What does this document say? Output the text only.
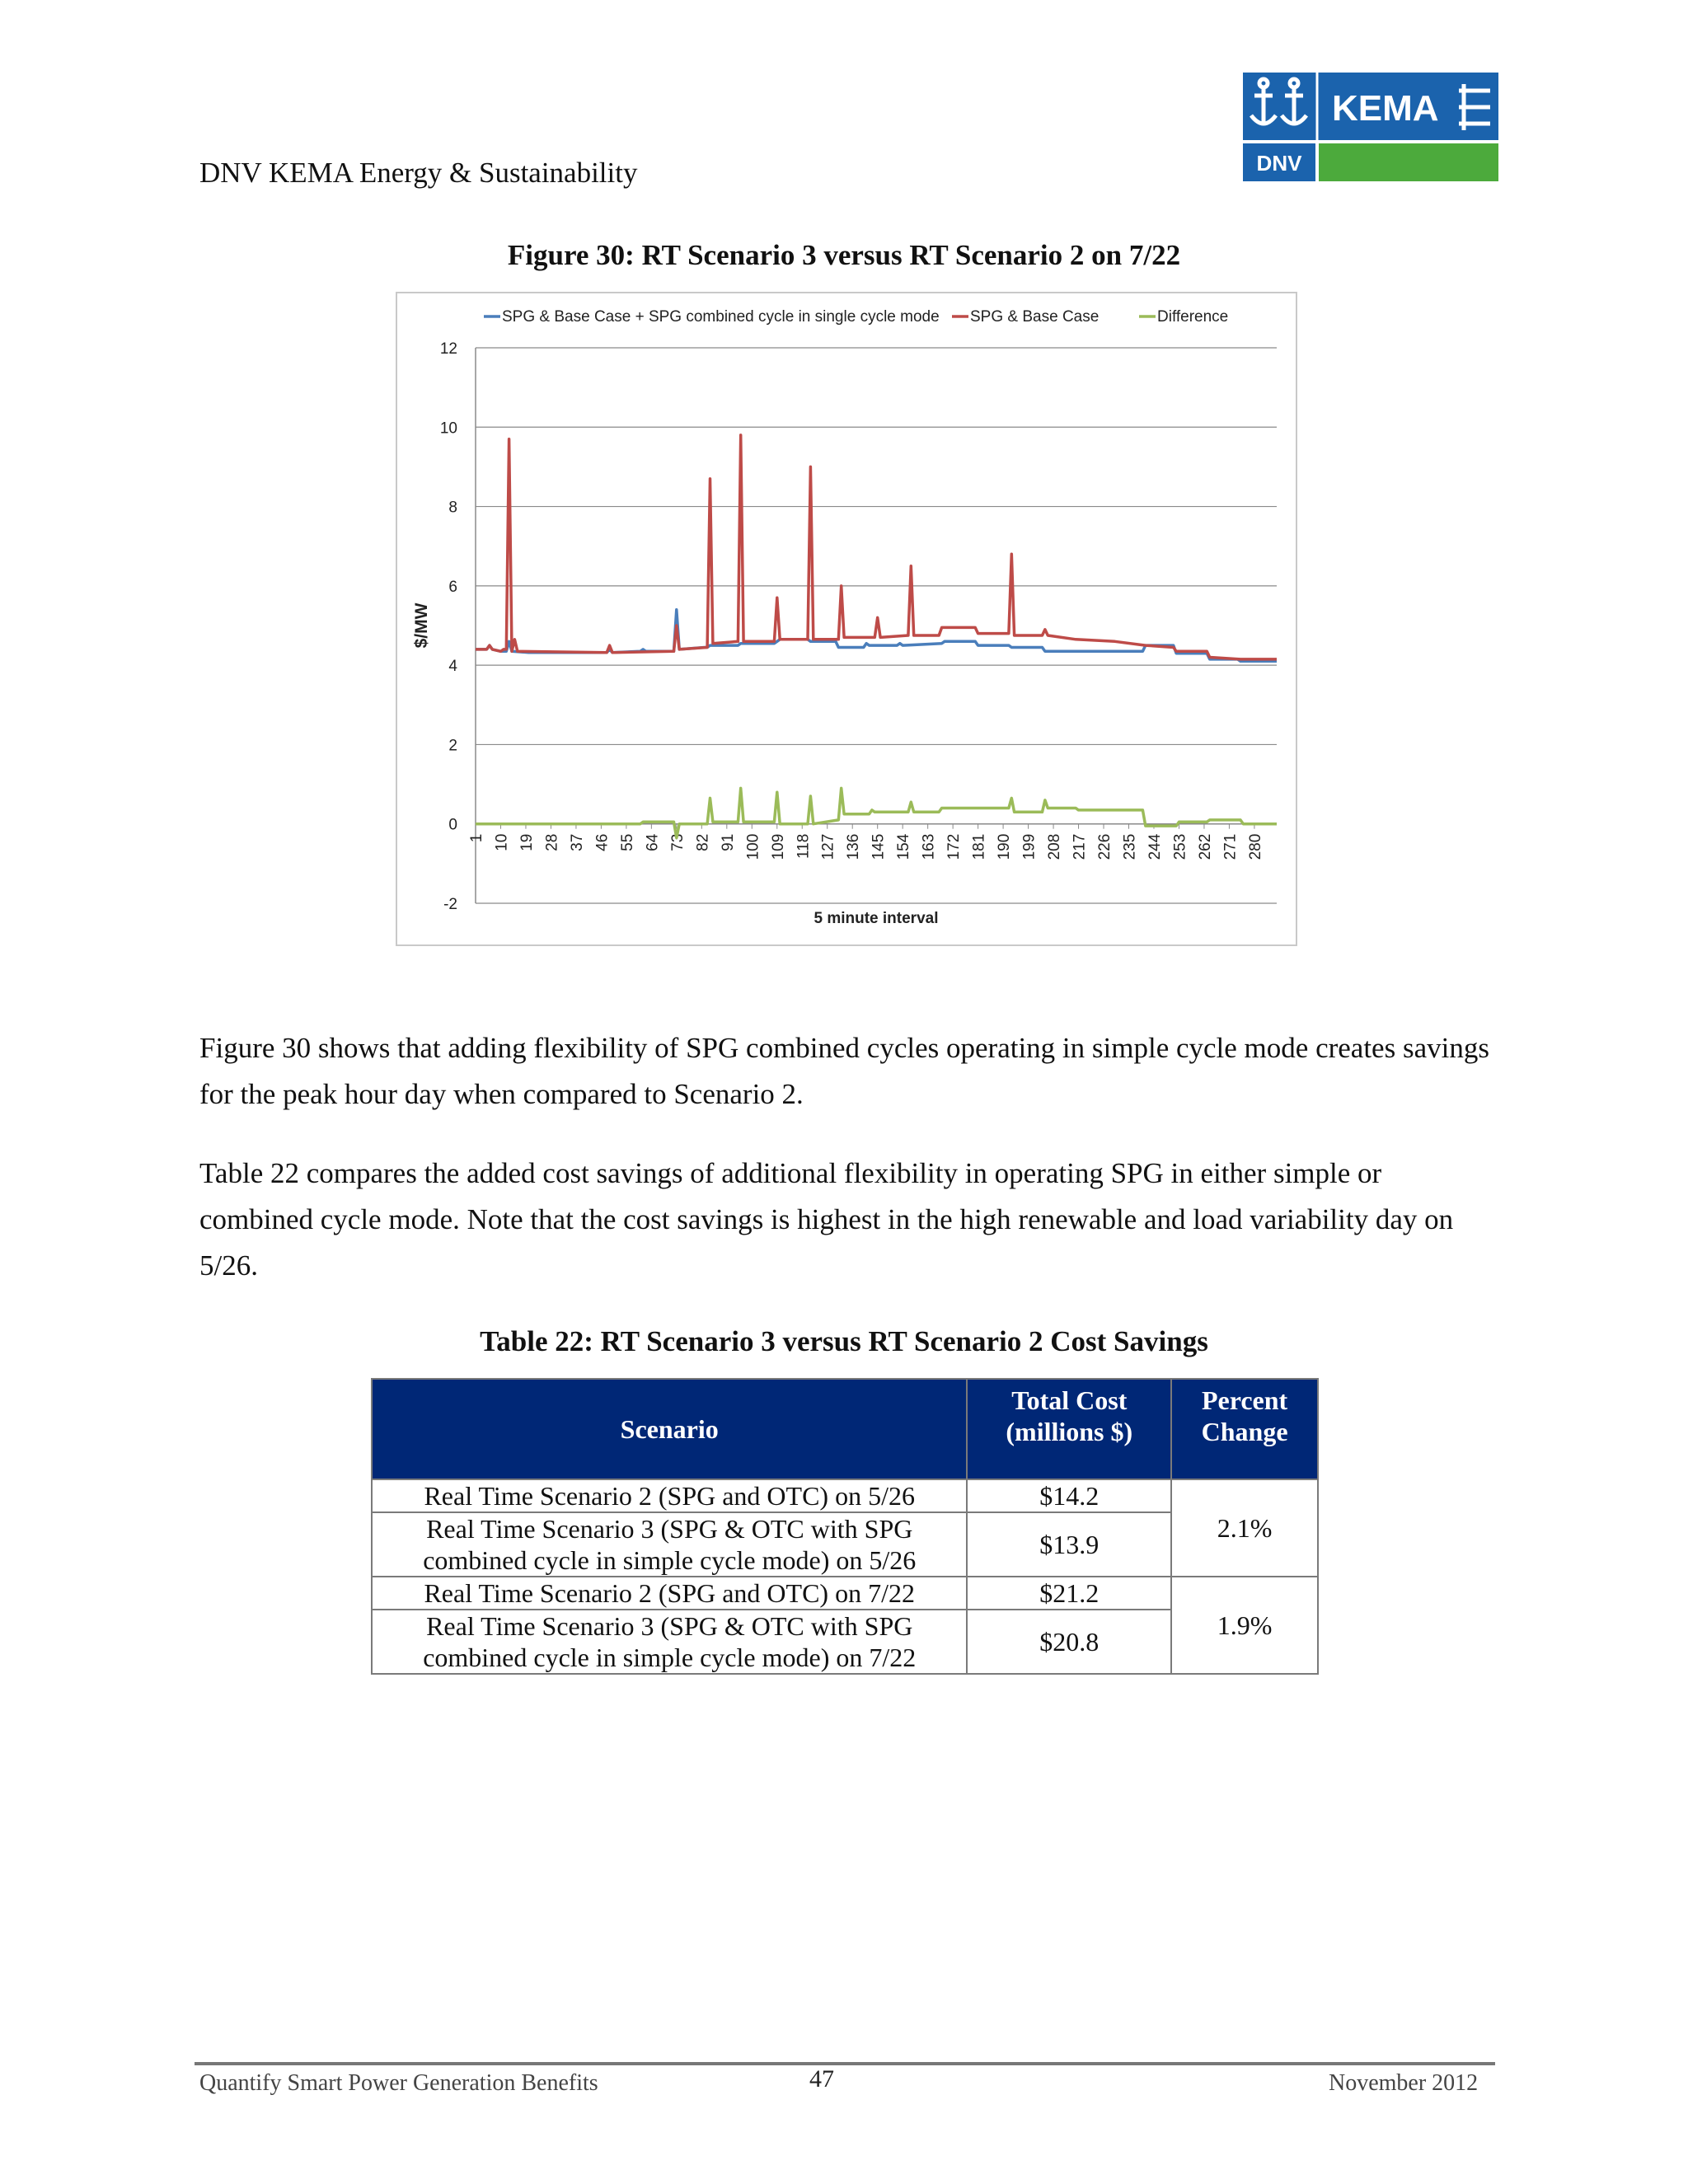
DNV KEMA Energy & Sustainability
KEMA
DNV
Figure 30: RT Scenario 3 versus RT Scenario 2 on 7/22
12
10
8
6
4
2
0
-2
1 10 19 28 37 46 55 64 73 82 91 100 109 118 127 136 145 154 163 172 181 190 199 208 217 226 235 244 253 262 271 280
$/MW
5 minute interval
SPG & Base Case + SPG combined cycle in single cycle mode SPG & Base Case	Difference
Figure 30 shows that adding flexibility of SPG combined cycles operating in simple cycle mode creates savings for the peak hour day when compared to Scenario 2.
Table 22 compares the added cost savings of additional flexibility in operating SPG in either simple or combined cycle mode. Note that the cost savings is highest in the high renewable and load variability day on 5/26.
Table 22: RT Scenario 3 versus RT Scenario 2 Cost Savings
Scenario	Total Cost (millions $)	Percent Change
Real Time Scenario 2 (SPG and OTC) on 5/26	$14.2	2.1%
Real Time Scenario 3 (SPG & OTC with SPG combined cycle in simple cycle mode) on 5/26	$13.9	
Real Time Scenario 2 (SPG and OTC) on 7/22	$21.2	1.9%
Real Time Scenario 3 (SPG & OTC with SPG combined cycle in simple cycle mode) on 7/22	$20.8	
Quantify Smart Power Generation Benefits	47	November 2012
